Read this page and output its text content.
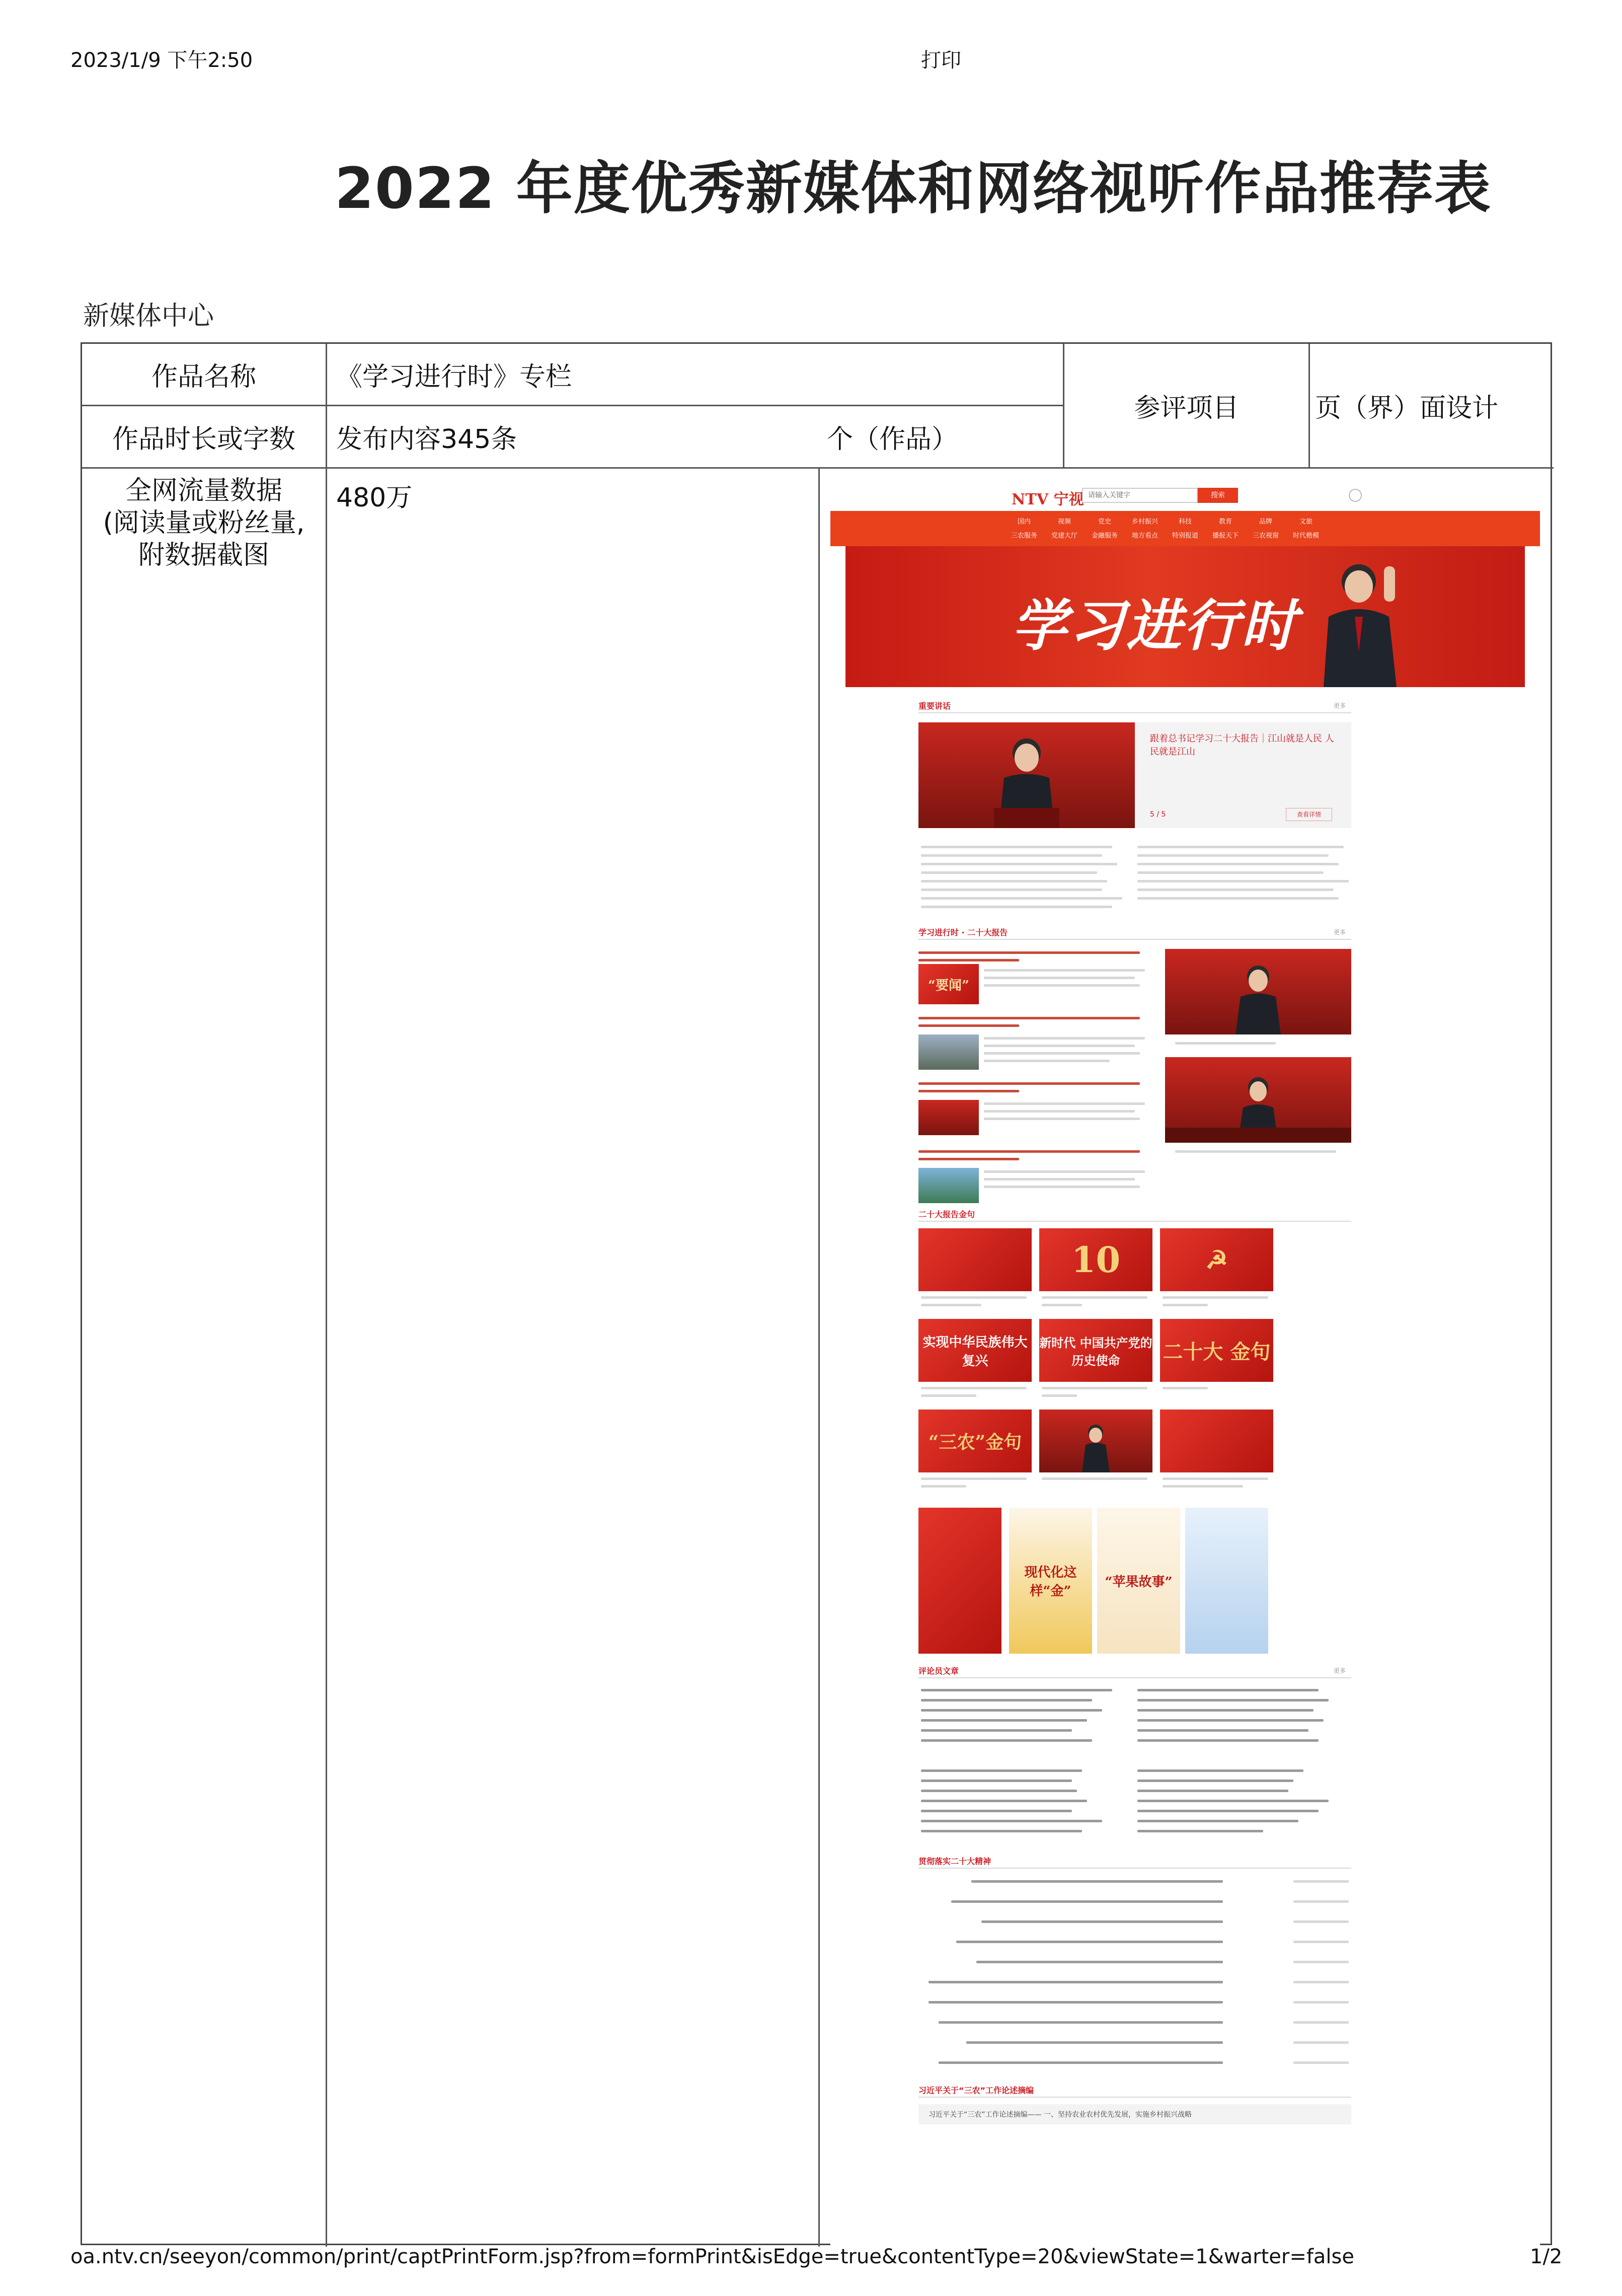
2023/1/9 下午2:50	打印
2022 年度优秀新媒体和网络视听作品推荐表
新媒体中心
作品名称	《学习进行时》专栏
作品时长或字数	发布内容345条	个（作品）
参评项目	页（界）面设计
全网流量数据
(阅读量或粉丝量,
附数据截图
480万	NTV 宁视 请输入关键字	搜索
国内	视频	党史	乡村振兴	科技	教育	品牌	文旅
三农服务	党建大厅	金融服务	地方看点	特别报道	播报天下	三农视窗	时代楷模
学习进行时
重要讲话	更多
跟着总书记学习二十大报告｜江山就是人民 人民就是江山
5 / 5	查看详情
学习进行时 · 二十大报告	更多
“要闻”
二十大报告金句
10	☭
实现中华民族伟大复兴
新时代 中国共产党的历史使命	二十大 金句
“三农”金句
现代化这样“金”
“苹果故事”
评论员文章	更多
贯彻落实二十大精神
习近平关于“三农”工作论述摘编
习近平关于“三农”工作论述摘编—— 一、坚持农业农村优先发展，实施乡村振兴战略
oa.ntv.cn/seeyon/common/print/captPrintForm.jsp?from=formPrint&isEdge=true&contentType=20&viewState=1&warter=false	1/2
